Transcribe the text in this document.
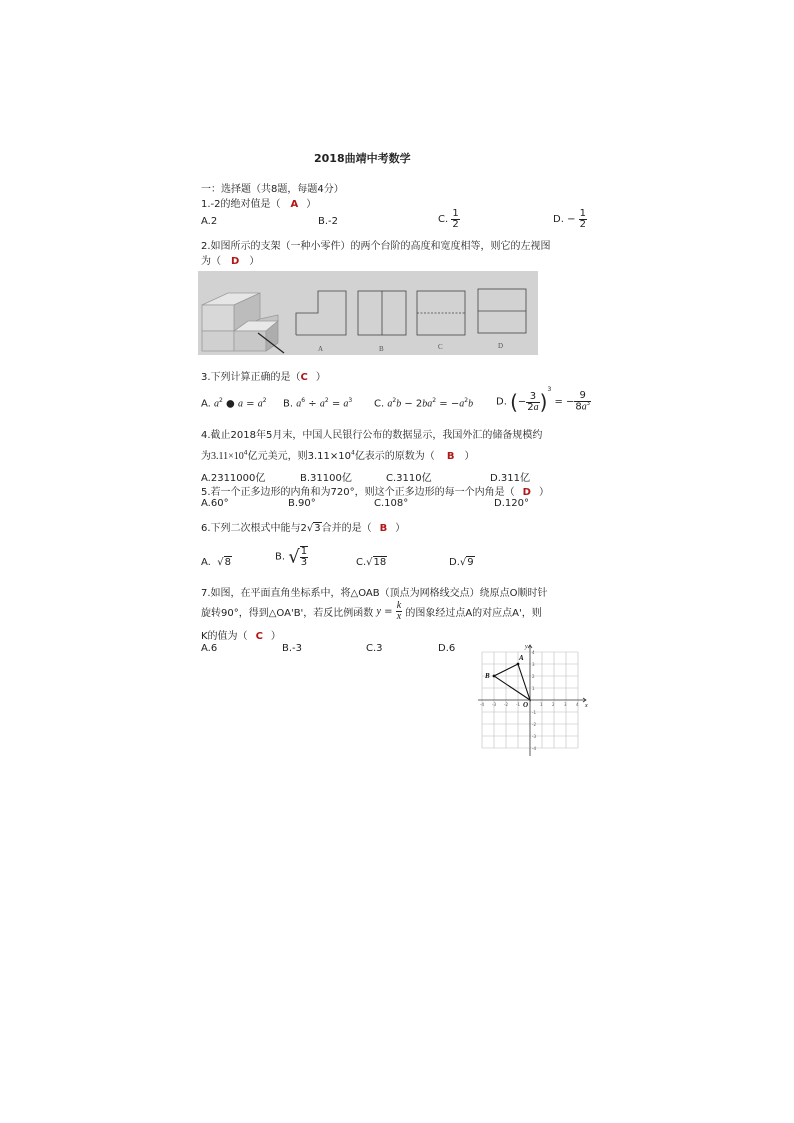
2018曲靖中考数学
一：选择题（共8题，每题4分）
1.-2的绝对值是（ A ）
A.2	B.-2	C. $\frac{1}{2}$	D. − $\frac{1}{2}$
2.如图所示的支架（一种小零件）的两个台阶的高度和宽度相等，则它的左视图
为（ D ）
A	B	C	D
3.下列计算正确的是（C ）
A. $a^2$ ● $a = a^2$ B. $a^6 \div a^2 = a^3$ C. $a^2b - 2ba^2 = -a^2b$ D. (− $\frac{3}{2a} )^3$ = − $\frac{9}{8a^3}$
4.截止2018年5月末，中国人民银行公布的数据显示，我国外汇的储备规模约
为$3.11\times 10^4$亿元美元，则$3.11\times 10^4$亿表示的原数为（ B ）
A.2311000亿	B.31100亿	C.3110亿	D.311亿
5.若一个正多边形的内角和为720°，则这个正多边形的每一个内角是（ D ）
A.60°	B.90°	C.108°	D.120°
6.下列二次根式中能与2√3合并的是（ B ）
A.  √8	B. √ $\frac{1}{3}$	C.√18	D.√9
7.如图，在平面直角坐标系中，将△OAB（顶点为网格线交点）绕原点O顺时针
旋转90°，得到△OA'B'，若反比例函数 $y = \frac{k}{x}$ 的图象经过点A的对应点A'，则
K的值为（ C ）
A.6	B.-3	C.3	D.6
-4 -3 -2 -1	1 2 3 4
4
3
2
1
-1
-2
-3
-4
A
B
O	x
y
